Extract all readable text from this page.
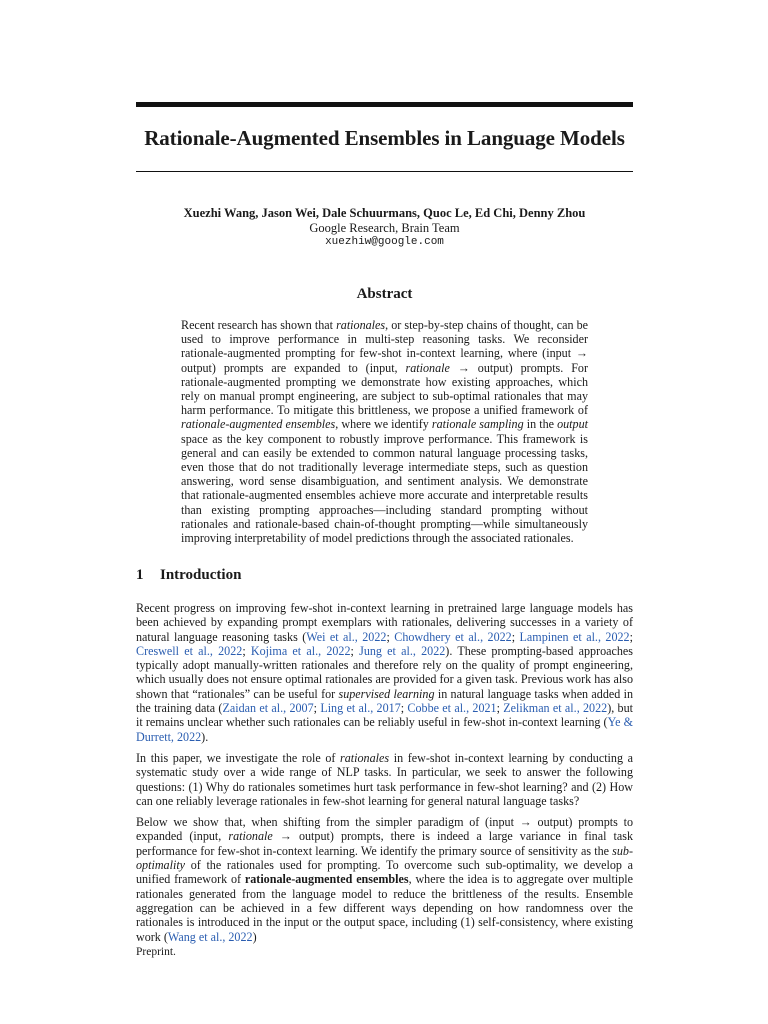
Rationale-Augmented Ensembles in Language Models
Xuezhi Wang, Jason Wei, Dale Schuurmans, Quoc Le, Ed Chi, Denny Zhou
Google Research, Brain Team
xuezhiw@google.com
Abstract
Recent research has shown that rationales, or step-by-step chains of thought, can be used to improve performance in multi-step reasoning tasks. We reconsider rationale-augmented prompting for few-shot in-context learning, where (input → output) prompts are expanded to (input, rationale → output) prompts. For rationale-augmented prompting we demonstrate how existing approaches, which rely on manual prompt engineering, are subject to sub-optimal rationales that may harm performance. To mitigate this brittleness, we propose a unified framework of rationale-augmented ensembles, where we identify rationale sampling in the output space as the key component to robustly improve performance. This framework is general and can easily be extended to common natural language processing tasks, even those that do not traditionally leverage intermediate steps, such as question answering, word sense disambiguation, and sentiment analysis. We demonstrate that rationale-augmented ensembles achieve more accurate and interpretable results than existing prompting approaches—including standard prompting without rationales and rationale-based chain-of-thought prompting—while simultaneously improving interpretability of model predictions through the associated rationales.
1 Introduction

Recent progress on improving few-shot in-context learning in pretrained large language models has been achieved by expanding prompt exemplars with rationales, delivering successes in a variety of natural language reasoning tasks (Wei et al., 2022; Chowdhery et al., 2022; Lampinen et al., 2022; Creswell et al., 2022; Kojima et al., 2022; Jung et al., 2022). These prompting-based approaches typically adopt manually-written rationales and therefore rely on the quality of prompt engineering, which usually does not ensure optimal rationales are provided for a given task. Previous work has also shown that “rationales” can be useful for supervised learning in natural language tasks when added in the training data (Zaidan et al., 2007; Ling et al., 2017; Cobbe et al., 2021; Zelikman et al., 2022), but it remains unclear whether such rationales can be reliably useful in few-shot in-context learning (Ye & Durrett, 2022).

In this paper, we investigate the role of rationales in few-shot in-context learning by conducting a systematic study over a wide range of NLP tasks. In particular, we seek to answer the following questions: (1) Why do rationales sometimes hurt task performance in few-shot learning? and (2) How can one reliably leverage rationales in few-shot learning for general natural language tasks?

Below we show that, when shifting from the simpler paradigm of (input → output) prompts to expanded (input, rationale → output) prompts, there is indeed a large variance in final task performance for few-shot in-context learning. We identify the primary source of sensitivity as the sub-optimality of the rationales used for prompting. To overcome such sub-optimality, we develop a unified framework of rationale-augmented ensembles, where the idea is to aggregate over multiple rationales generated from the language model to reduce the brittleness of the results. Ensemble aggregation can be achieved in a few different ways depending on how randomness over the rationales is introduced in the input or the output space, including (1) self-consistency, where existing work (Wang et al., 2022)

Preprint.
